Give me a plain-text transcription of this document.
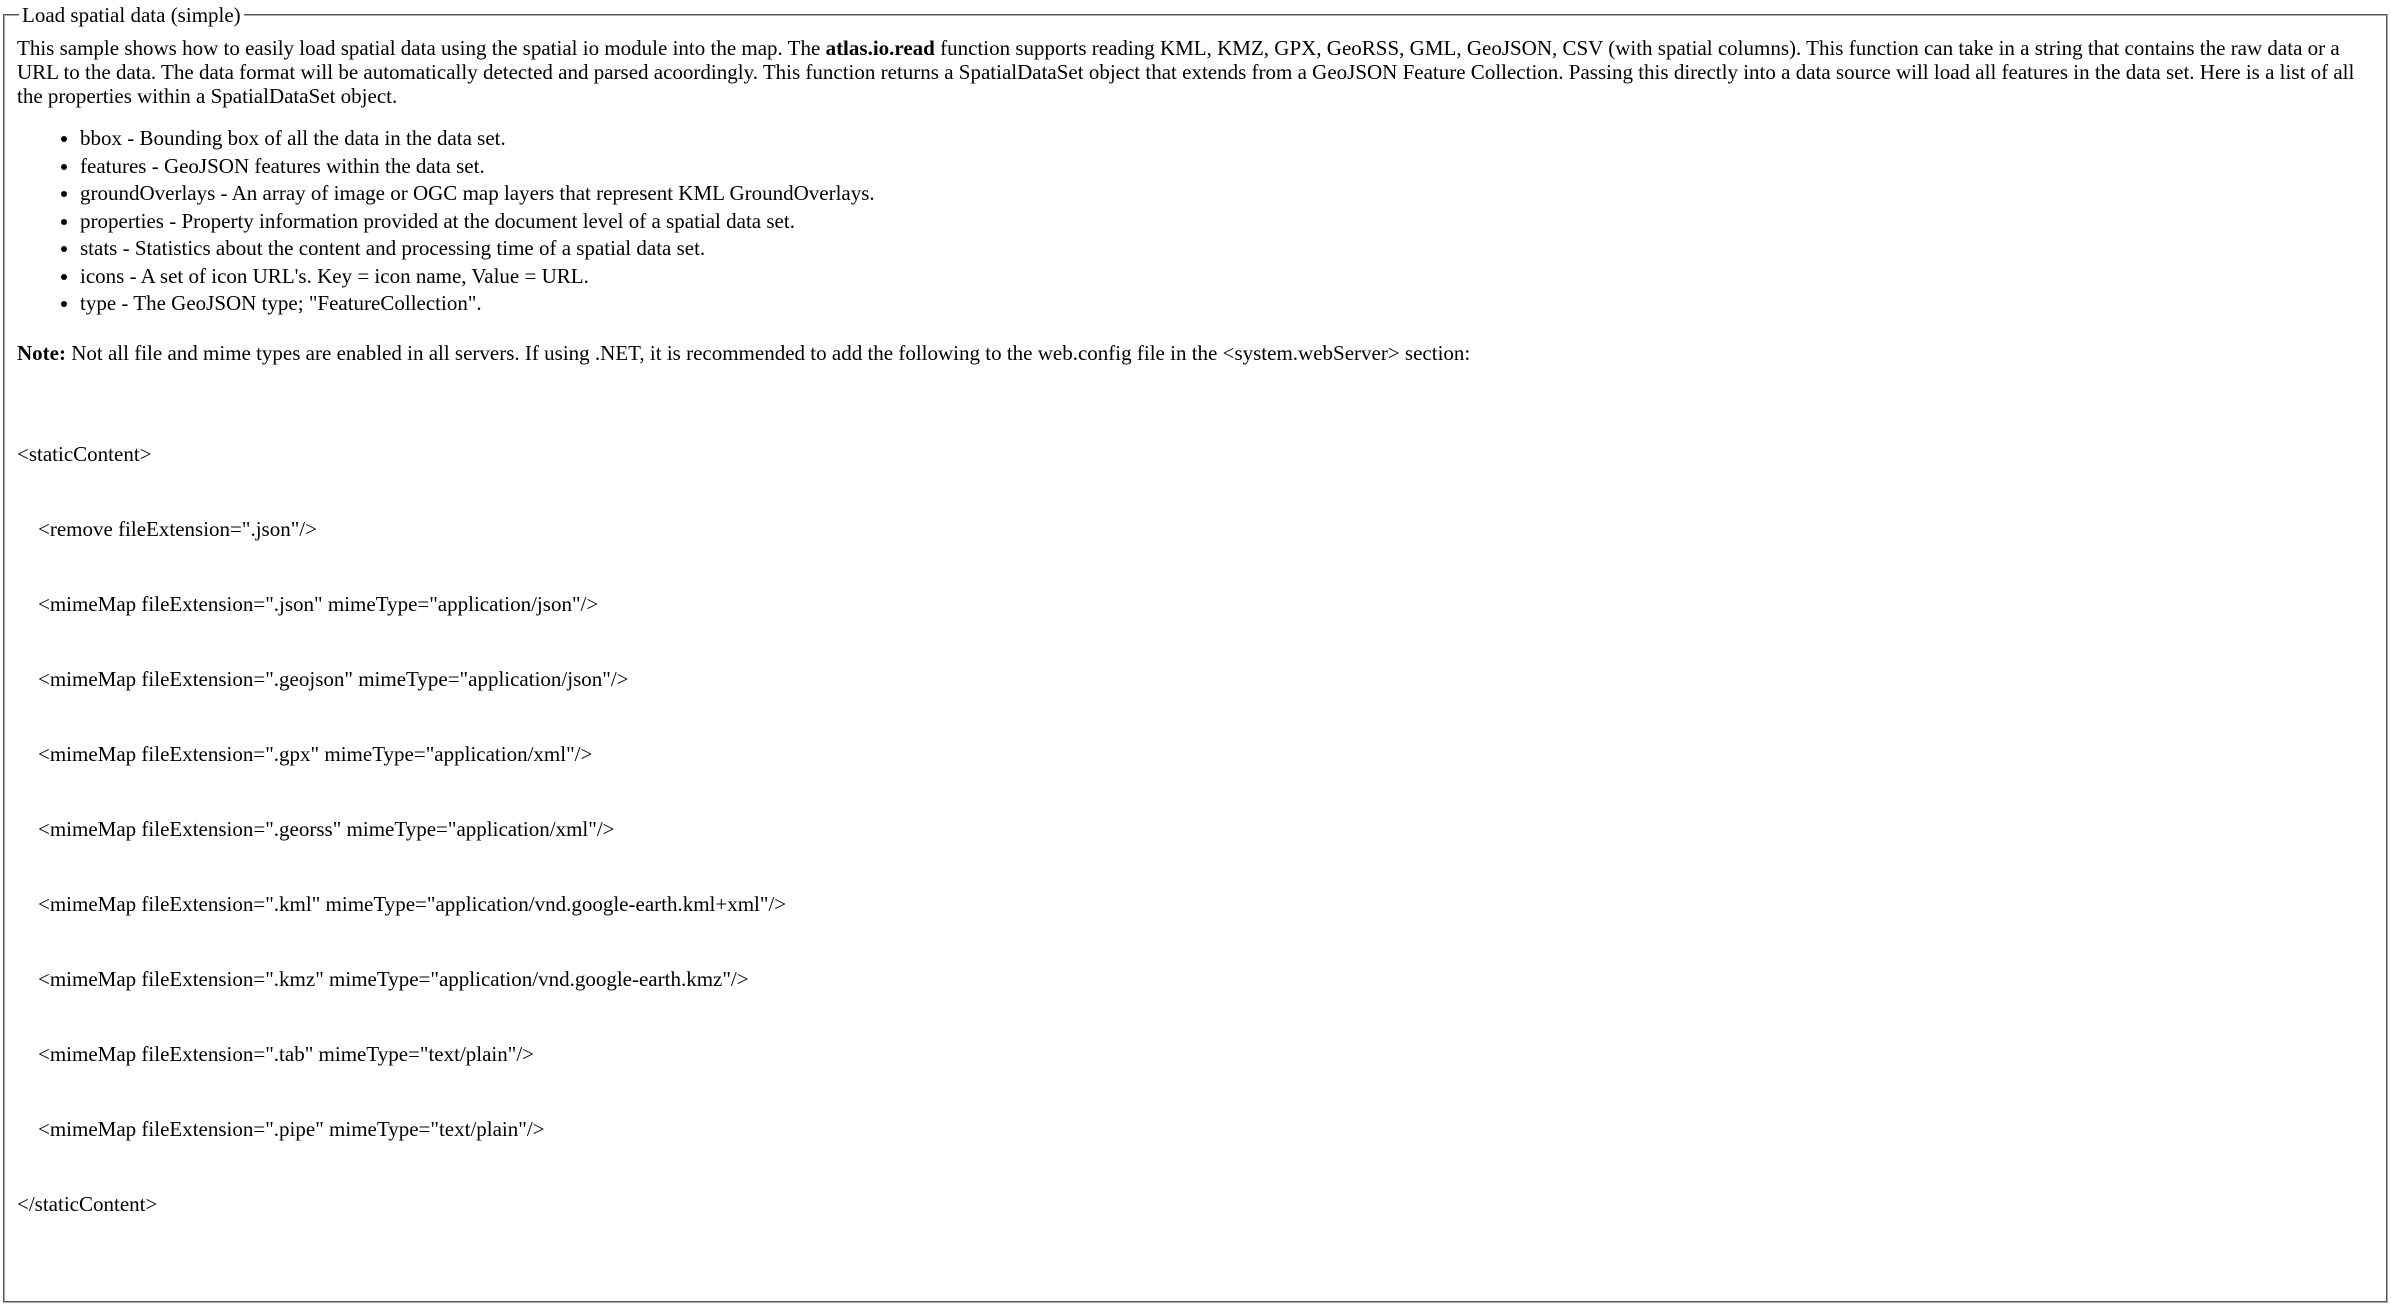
Load spatial data (simple)

This sample shows how to easily load spatial data using the spatial io module into the map. The atlas.io.read function supports reading KML, KMZ, GPX, GeoRSS, GML, GeoJSON, CSV (with spatial columns). This function can take in a string that contains the raw data or a URL to the data. The data format will be automatically detected and parsed acoordingly. This function returns a SpatialDataSet object that extends from a GeoJSON Feature Collection. Passing this directly into a data source will load all features in the data set. Here is a list of all the properties within a SpatialDataSet object.

• bbox - Bounding box of all the data in the data set.
• features - GeoJSON features within the data set.
• groundOverlays - An array of image or OGC map layers that represent KML GroundOverlays.
• properties - Property information provided at the document level of a spatial data set.
• stats - Statistics about the content and processing time of a spatial data set.
• icons - A set of icon URL's. Key = icon name, Value = URL.
• type - The GeoJSON type; "FeatureCollection".

Note: Not all file and mime types are enabled in all servers. If using .NET, it is recommended to add the following to the web.config file in the <system.webServer> section:

<staticContent>

<remove fileExtension=".json"/>

<mimeMap fileExtension=".json" mimeType="application/json"/>

<mimeMap fileExtension=".geojson" mimeType="application/json"/>

<mimeMap fileExtension=".gpx" mimeType="application/xml"/>

<mimeMap fileExtension=".georss" mimeType="application/xml"/>

<mimeMap fileExtension=".kml" mimeType="application/vnd.google-earth.kml+xml"/>

<mimeMap fileExtension=".kmz" mimeType="application/vnd.google-earth.kmz"/>

<mimeMap fileExtension=".tab" mimeType="text/plain"/>

<mimeMap fileExtension=".pipe" mimeType="text/plain"/>

</staticContent>
